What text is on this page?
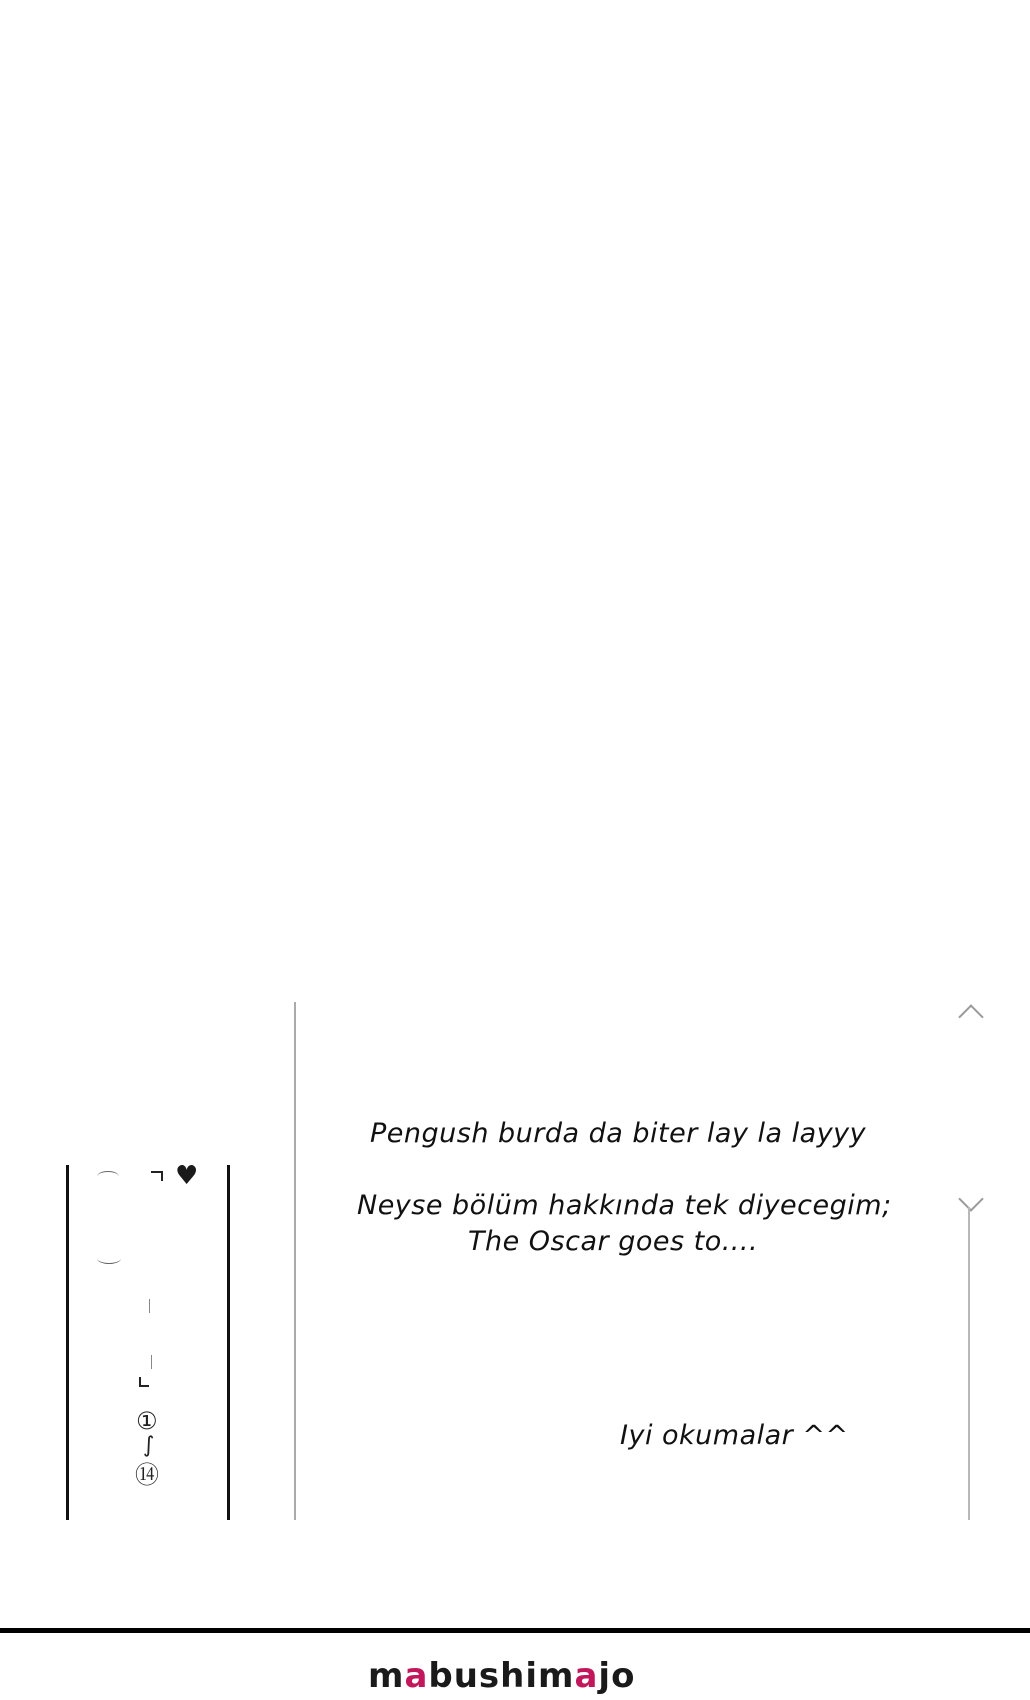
♥
①
∫
⑭
Pengush burda da biter lay la layyy
Neyse bölüm hakkında tek diyecegim;
The Oscar goes to....
Iyi okumalar ^^
mabushimajo
